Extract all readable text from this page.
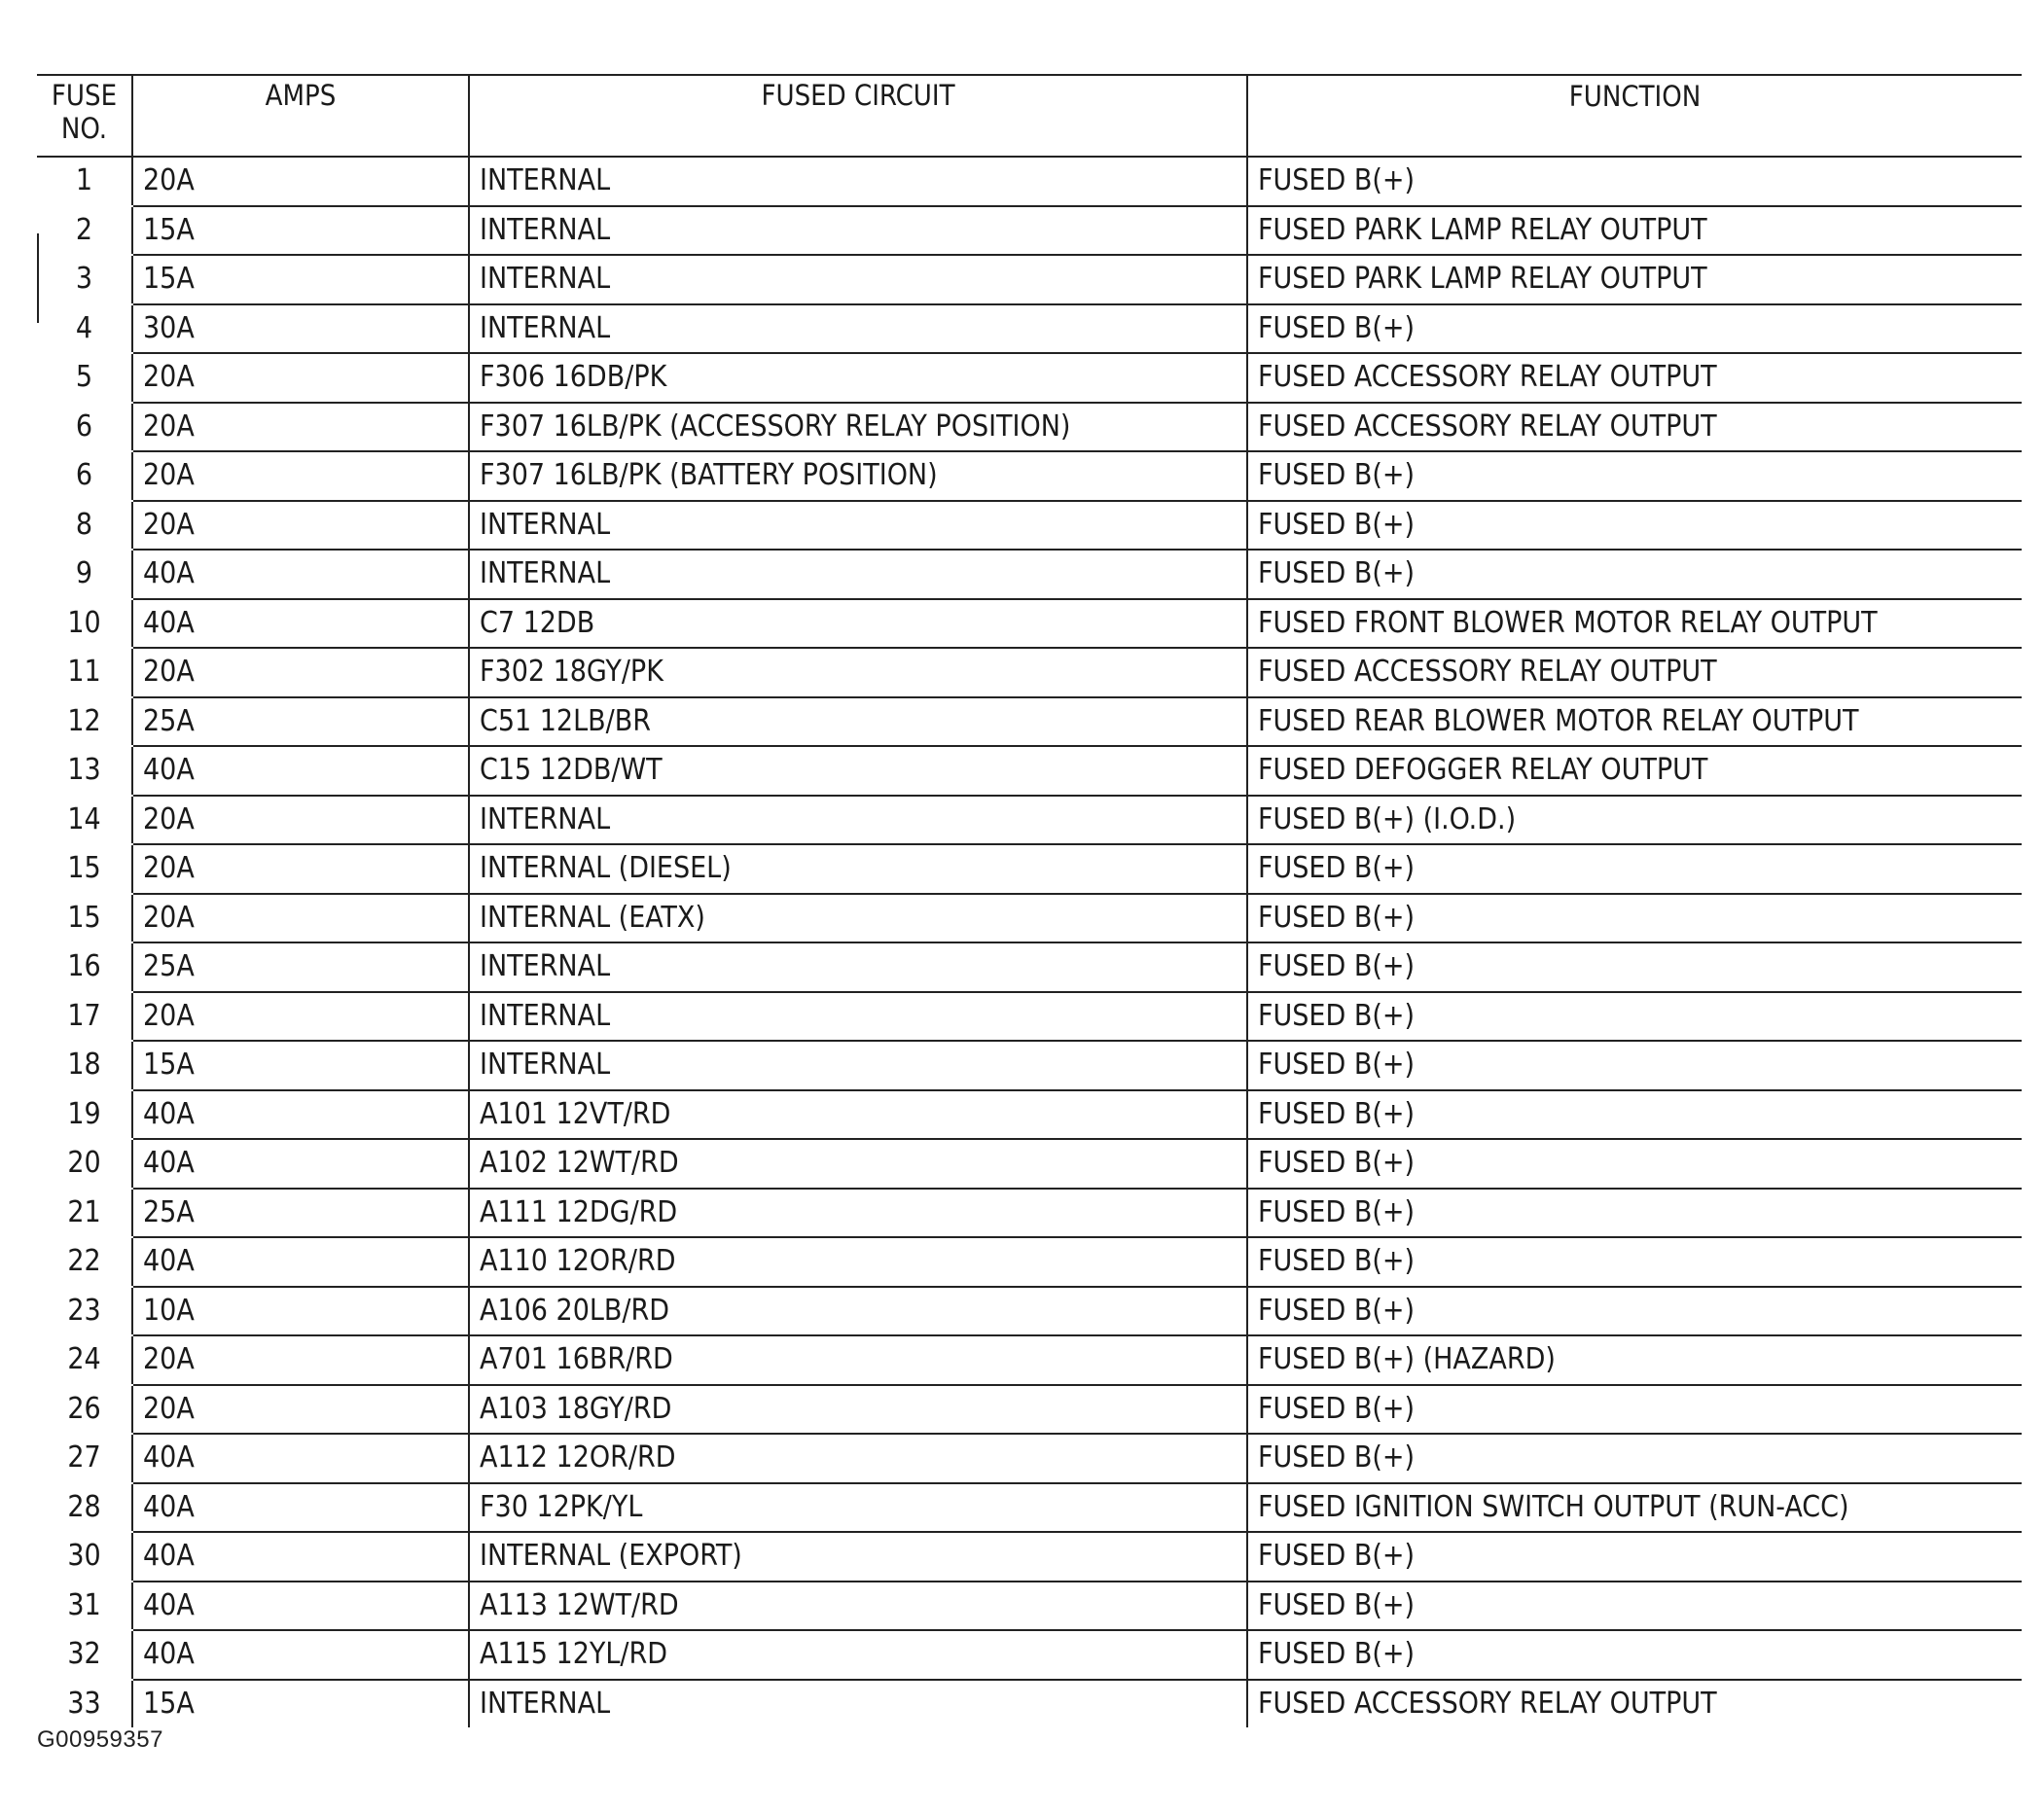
FUSE
NO.	AMPS	FUSED CIRCUIT	FUNCTION
1	20A	INTERNAL	FUSED B(+)
2	15A	INTERNAL	FUSED PARK LAMP RELAY OUTPUT
3	15A	INTERNAL	FUSED PARK LAMP RELAY OUTPUT
4	30A	INTERNAL	FUSED B(+)
5	20A	F306 16DB/PK	FUSED ACCESSORY RELAY OUTPUT
6	20A	F307 16LB/PK (ACCESSORY RELAY POSITION)	FUSED ACCESSORY RELAY OUTPUT
6	20A	F307 16LB/PK (BATTERY POSITION)	FUSED B(+)
8	20A	INTERNAL	FUSED B(+)
9	40A	INTERNAL	FUSED B(+)
10	40A	C7 12DB	FUSED FRONT BLOWER MOTOR RELAY OUTPUT
11	20A	F302 18GY/PK	FUSED ACCESSORY RELAY OUTPUT
12	25A	C51 12LB/BR	FUSED REAR BLOWER MOTOR RELAY OUTPUT
13	40A	C15 12DB/WT	FUSED DEFOGGER RELAY OUTPUT
14	20A	INTERNAL	FUSED B(+) (I.O.D.)
15	20A	INTERNAL (DIESEL)	FUSED B(+)
15	20A	INTERNAL (EATX)	FUSED B(+)
16	25A	INTERNAL	FUSED B(+)
17	20A	INTERNAL	FUSED B(+)
18	15A	INTERNAL	FUSED B(+)
19	40A	A101 12VT/RD	FUSED B(+)
20	40A	A102 12WT/RD	FUSED B(+)
21	25A	A111 12DG/RD	FUSED B(+)
22	40A	A110 12OR/RD	FUSED B(+)
23	10A	A106 20LB/RD	FUSED B(+)
24	20A	A701 16BR/RD	FUSED B(+) (HAZARD)
26	20A	A103 18GY/RD	FUSED B(+)
27	40A	A112 12OR/RD	FUSED B(+)
28	40A	F30 12PK/YL	FUSED IGNITION SWITCH OUTPUT (RUN-ACC)
30	40A	INTERNAL (EXPORT)	FUSED B(+)
31	40A	A113 12WT/RD	FUSED B(+)
32	40A	A115 12YL/RD	FUSED B(+)
33	15A	INTERNAL	FUSED ACCESSORY RELAY OUTPUT
G00959357
